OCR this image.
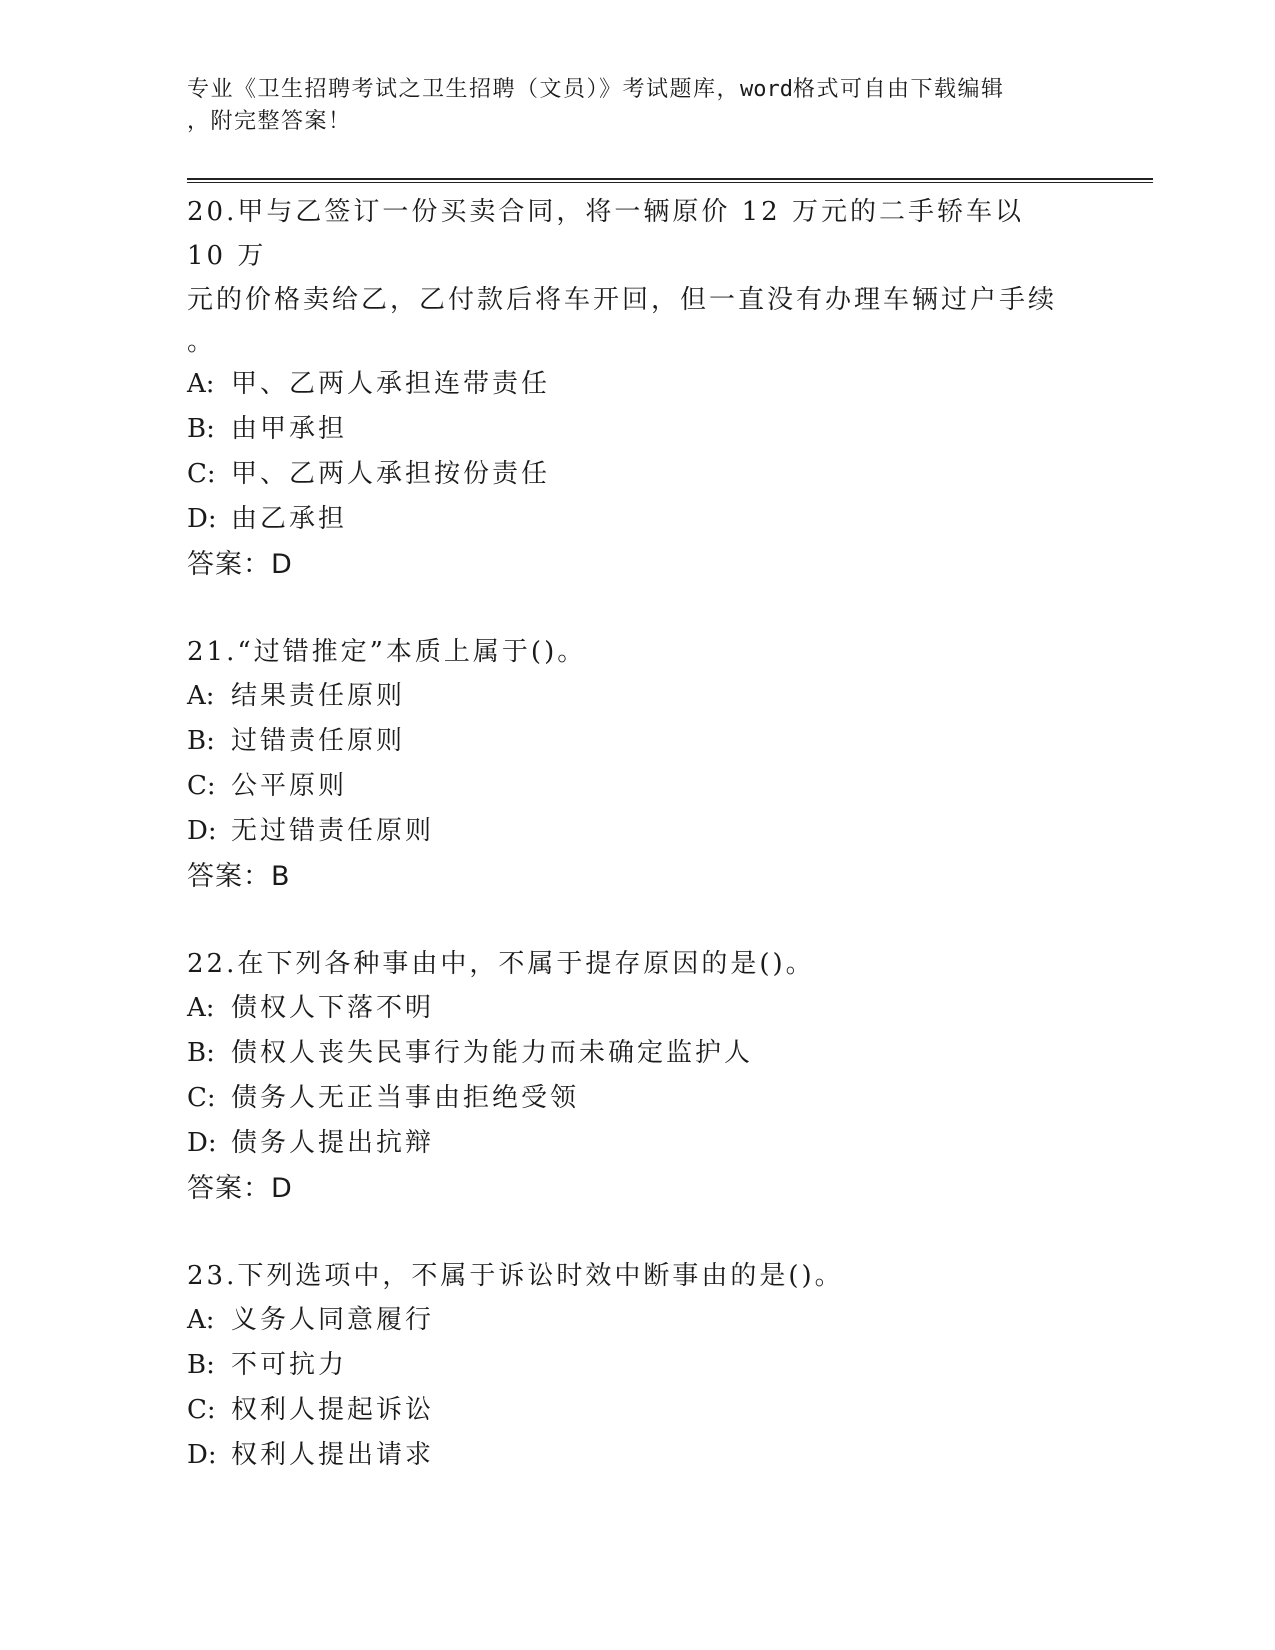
专业《卫生招聘考试之卫生招聘（文员）》考试题库，word格式可自由下载编辑
，附完整答案！

20.甲与乙签订一份买卖合同，将一辆原价 12 万元的二手轿车以 10 万

元的价格卖给乙，乙付款后将车开回，但一直没有办理车辆过户手续

。

A: 甲、乙两人承担连带责任

B: 由甲承担

C: 甲、乙两人承担按份责任

D: 由乙承担

答案：D

21.“过错推定”本质上属于()。

A: 结果责任原则

B: 过错责任原则

C: 公平原则

D: 无过错责任原则

答案：B

22.在下列各种事由中，不属于提存原因的是()。

A: 债权人下落不明

B: 债权人丧失民事行为能力而未确定监护人

C: 债务人无正当事由拒绝受领

D: 债务人提出抗辩

答案：D

23.下列选项中，不属于诉讼时效中断事由的是()。

A: 义务人同意履行

B: 不可抗力

C: 权利人提起诉讼

D: 权利人提出请求
